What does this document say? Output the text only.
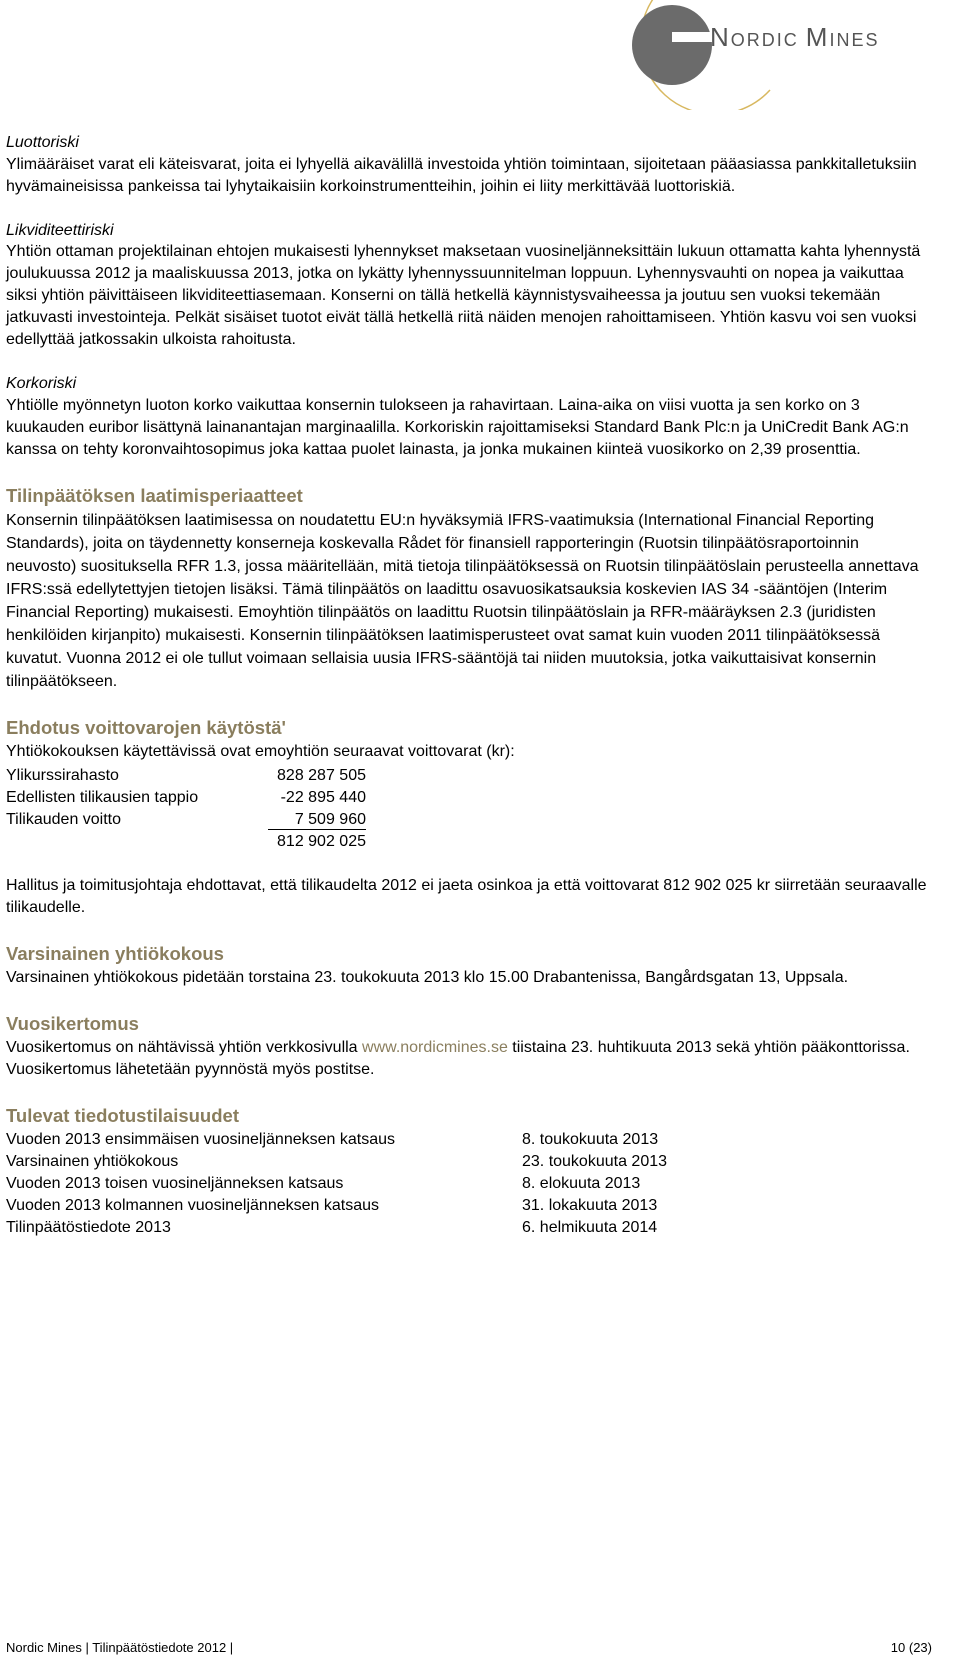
NORDIC MINES
Luottoriski

Ylimääräiset varat eli käteisvarat, joita ei lyhyellä aikavälillä investoida yhtiön toimintaan, sijoitetaan pääasiassa pankkitalletuksiin hyvämaineisissa pankeissa tai lyhytaikaisiin korkoinstrumentteihin, joihin ei liity merkittävää luottoriskiä.

Likviditeettiriski

Yhtiön ottaman projektilainan ehtojen mukaisesti lyhennykset maksetaan vuosineljänneksittäin lukuun ottamatta kahta lyhennystä joulukuussa 2012 ja maaliskuussa 2013, jotka on lykätty lyhennyssuunnitelman loppuun. Lyhennysvauhti on nopea ja vaikuttaa siksi yhtiön päivittäiseen likviditeettiasemaan. Konserni on tällä hetkellä käynnistysvaiheessa ja joutuu sen vuoksi tekemään jatkuvasti investointeja. Pelkät sisäiset tuotot eivät tällä hetkellä riitä näiden menojen rahoittamiseen. Yhtiön kasvu voi sen vuoksi edellyttää jatkossakin ulkoista rahoitusta.

Korkoriski

Yhtiölle myönnetyn luoton korko vaikuttaa konsernin tulokseen ja rahavirtaan. Laina-aika on viisi vuotta ja sen korko on 3 kuukauden euribor lisättynä lainanantajan marginaalilla. Korkoriskin rajoittamiseksi Standard Bank Plc:n ja UniCredit Bank AG:n kanssa on tehty koronvaihtosopimus joka kattaa puolet lainasta, ja jonka mukainen kiinteä vuosikorko on 2,39 prosenttia.

Tilinpäätöksen laatimisperiaatteet

Konsernin tilinpäätöksen laatimisessa on noudatettu EU:n hyväksymiä IFRS-vaatimuksia (International Financial Reporting Standards), joita on täydennetty konserneja koskevalla Rådet för finansiell rapporteringin (Ruotsin tilinpäätösraportoinnin neuvosto) suosituksella RFR 1.3, jossa määritellään, mitä tietoja tilinpäätöksessä on Ruotsin tilinpäätöslain perusteella annettava IFRS:ssä edellytettyjen tietojen lisäksi. Tämä tilinpäätös on laadittu osavuosikatsauksia koskevien IAS 34 -sääntöjen (Interim Financial Reporting) mukaisesti. Emoyhtiön tilinpäätös on laadittu Ruotsin tilinpäätöslain ja RFR-määräyksen 2.3 (juridisten henkilöiden kirjanpito) mukaisesti. Konsernin tilinpäätöksen laatimisperusteet ovat samat kuin vuoden 2011 tilinpäätöksessä kuvatut. Vuonna 2012 ei ole tullut voimaan sellaisia uusia IFRS-sääntöjä tai niiden muutoksia, jotka vaikuttaisivat konsernin tilinpäätökseen.

Ehdotus voittovarojen käytöstä'

Yhtiökokouksen käytettävissä ovat emoyhtiön seuraavat voittovarat (kr):

Ylikurssirahasto	828 287 505
Edellisten tilikausien tappio	-22 895 440
Tilikauden voitto	7 509 960
812 902 025

Hallitus ja toimitusjohtaja ehdottavat, että tilikaudelta 2012 ei jaeta osinkoa ja että voittovarat 812 902 025 kr siirretään seuraavalle tilikaudelle.

Varsinainen yhtiökokous

Varsinainen yhtiökokous pidetään torstaina 23. toukokuuta 2013 klo 15.00 Drabantenissa, Bangårdsgatan 13, Uppsala.

Vuosikertomus

Vuosikertomus on nähtävissä yhtiön verkkosivulla www.nordicmines.se tiistaina 23. huhtikuuta 2013 sekä yhtiön pääkonttorissa. Vuosikertomus lähetetään pyynnöstä myös postitse.

Tulevat tiedotustilaisuudet
Vuoden 2013 ensimmäisen vuosineljänneksen katsaus	8. toukokuuta 2013
Varsinainen yhtiökokous	23. toukokuuta 2013
Vuoden 2013 toisen vuosineljänneksen katsaus	8. elokuuta 2013
Vuoden 2013 kolmannen vuosineljänneksen katsaus	31. lokakuuta 2013
Tilinpäätöstiedote 2013	6. helmikuuta 2014
Nordic Mines | Tilinpäätöstiedote 2012 |	10 (23)
